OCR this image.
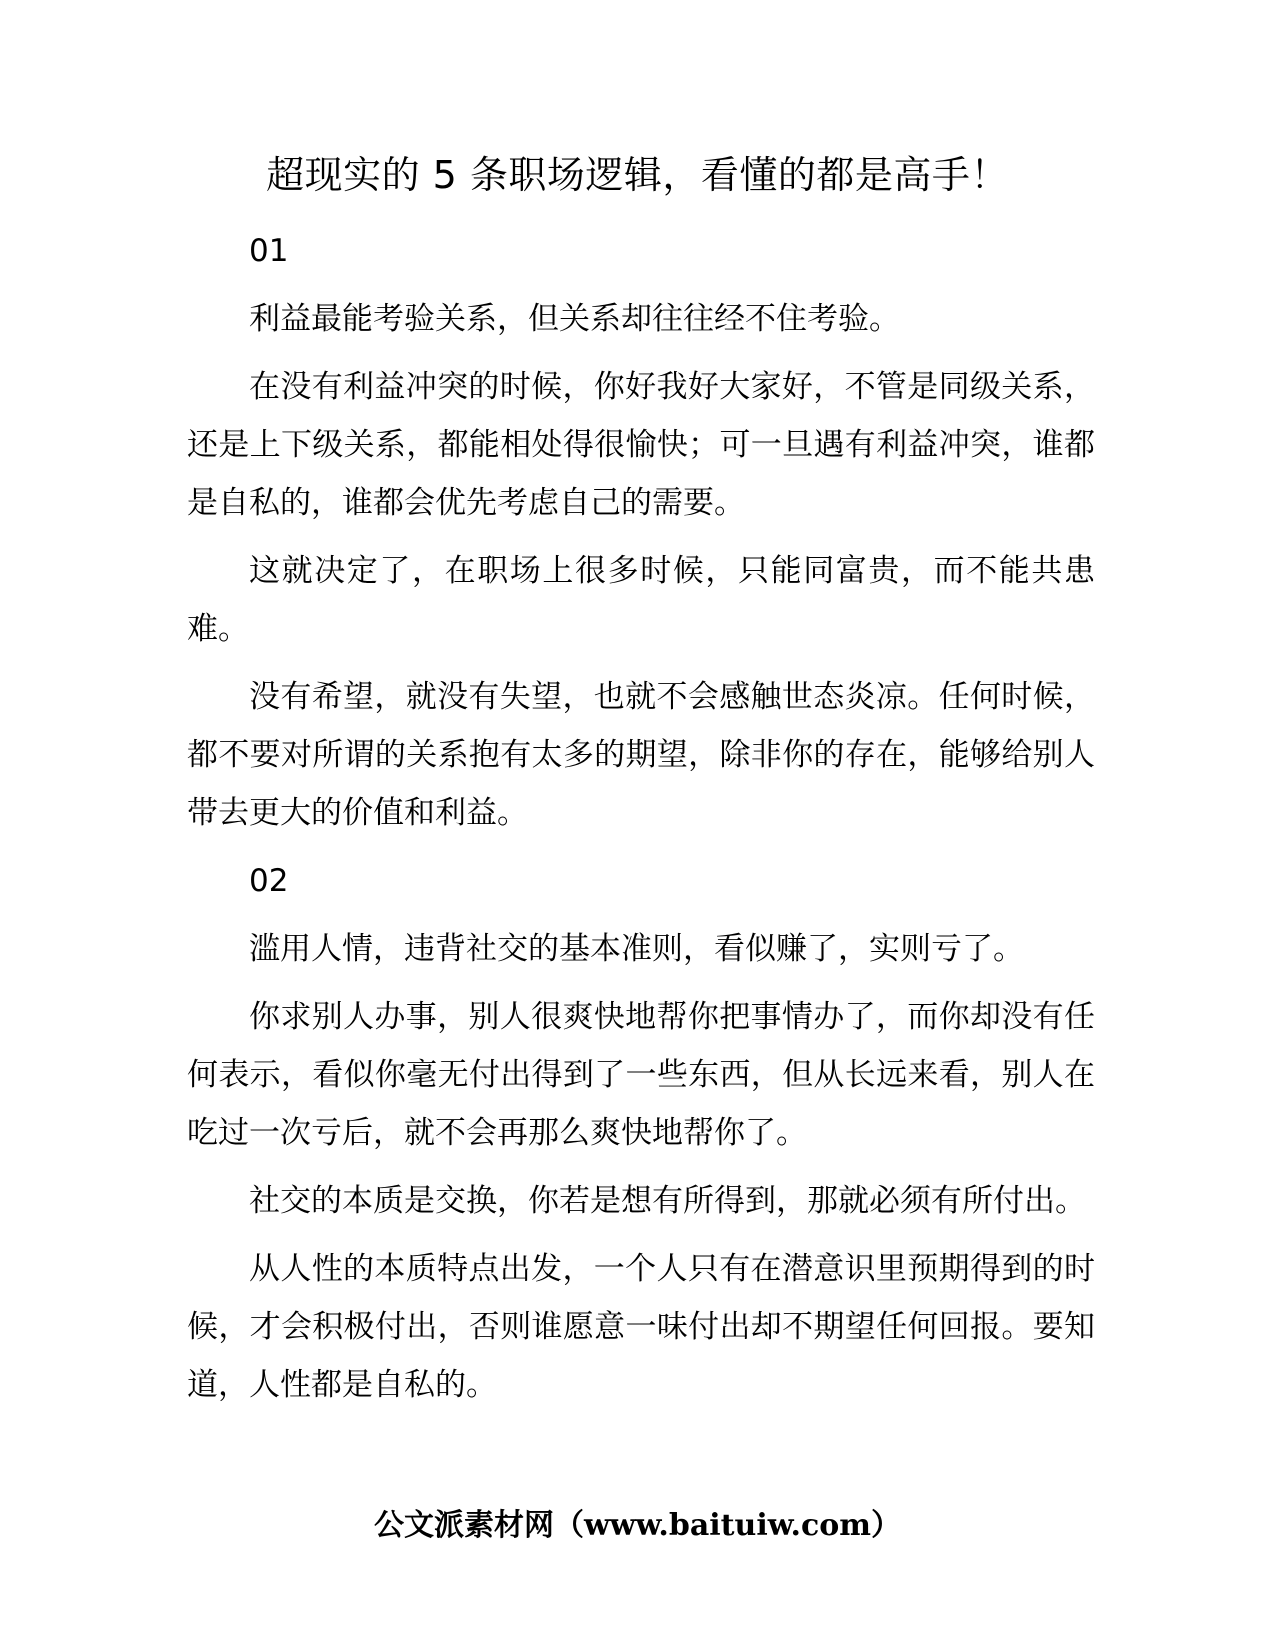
超现实的 5 条职场逻辑，看懂的都是高手！

01

利益最能考验关系，但关系却往往经不住考验。

在没有利益冲突的时候，你好我好大家好，不管是同级关系，还是上下级关系，都能相处得很愉快；可一旦遇有利益冲突，谁都是自私的，谁都会优先考虑自己的需要。

这就决定了，在职场上很多时候，只能同富贵，而不能共患难。

没有希望，就没有失望，也就不会感触世态炎凉。任何时候，都不要对所谓的关系抱有太多的期望，除非你的存在，能够给别人带去更大的价值和利益。

02

滥用人情，违背社交的基本准则，看似赚了，实则亏了。

你求别人办事，别人很爽快地帮你把事情办了，而你却没有任何表示，看似你毫无付出得到了一些东西，但从长远来看，别人在吃过一次亏后，就不会再那么爽快地帮你了。

社交的本质是交换，你若是想有所得到，那就必须有所付出。

从人性的本质特点出发，一个人只有在潜意识里预期得到的时候，才会积极付出，否则谁愿意一味付出却不期望任何回报。要知道，人性都是自私的。

公文派素材网（www.baituiw.com）
